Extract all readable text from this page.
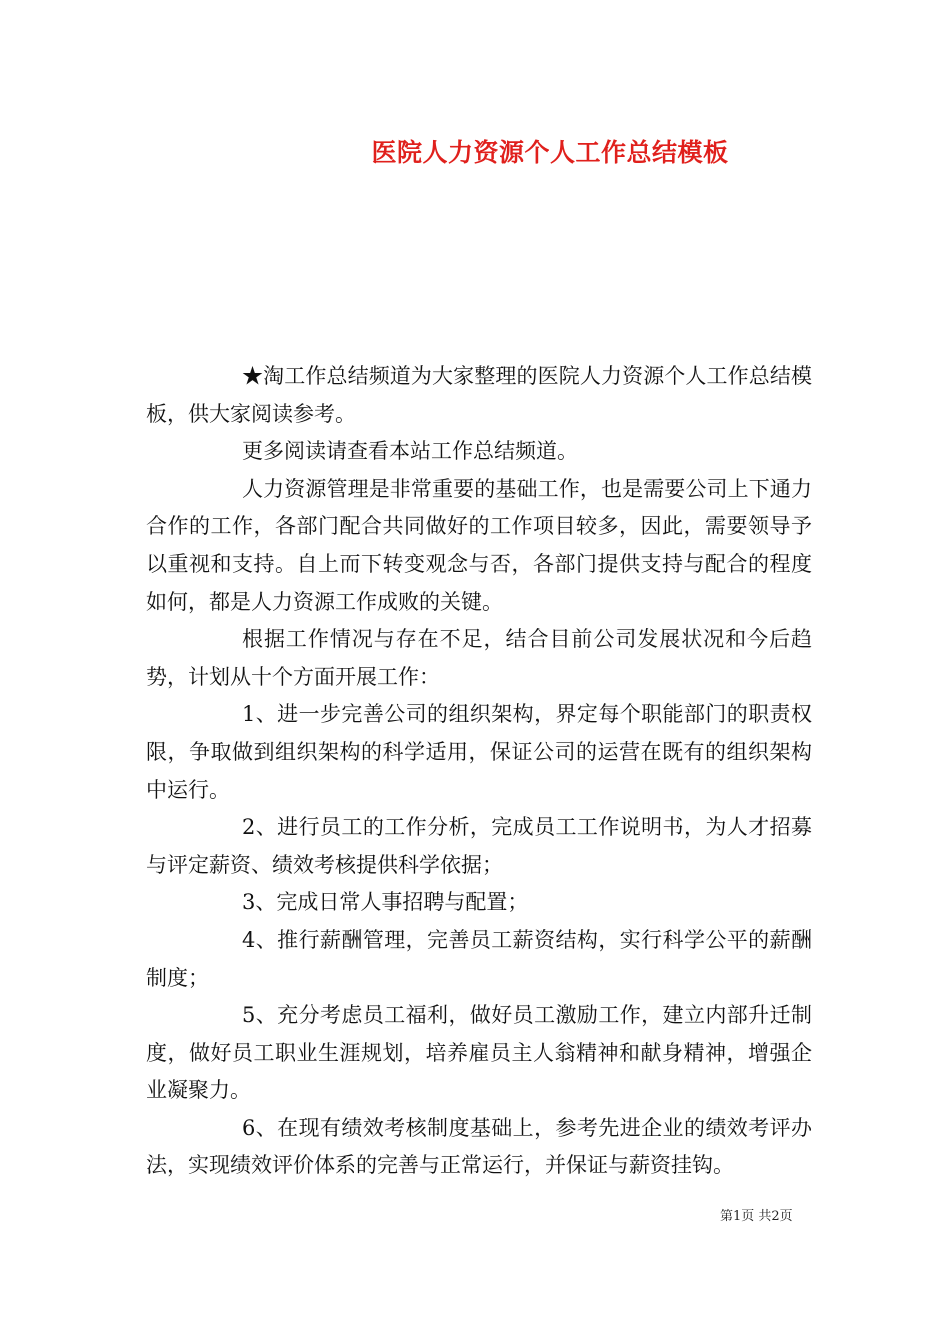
医院人力资源个人工作总结模板

★淘工作总结频道为大家整理的医院人力资源个人工作总结模板，供大家阅读参考。

更多阅读请查看本站工作总结频道。

人力资源管理是非常重要的基础工作，也是需要公司上下通力合作的工作，各部门配合共同做好的工作项目较多，因此，需要领导予以重视和支持。自上而下转变观念与否，各部门提供支持与配合的程度如何，都是人力资源工作成败的关键。

根据工作情况与存在不足，结合目前公司发展状况和今后趋势，计划从十个方面开展工作：

1、进一步完善公司的组织架构，界定每个职能部门的职责权限，争取做到组织架构的科学适用，保证公司的运营在既有的组织架构中运行。

2、进行员工的工作分析，完成员工工作说明书，为人才招募与评定薪资、绩效考核提供科学依据；

3、完成日常人事招聘与配置；

4、推行薪酬管理，完善员工薪资结构，实行科学公平的薪酬制度；

5、充分考虑员工福利，做好员工激励工作，建立内部升迁制度，做好员工职业生涯规划，培养雇员主人翁精神和献身精神，增强企业凝聚力。

6、在现有绩效考核制度基础上，参考先进企业的绩效考评办法，实现绩效评价体系的完善与正常运行，并保证与薪资挂钩。

第1页 共2页
